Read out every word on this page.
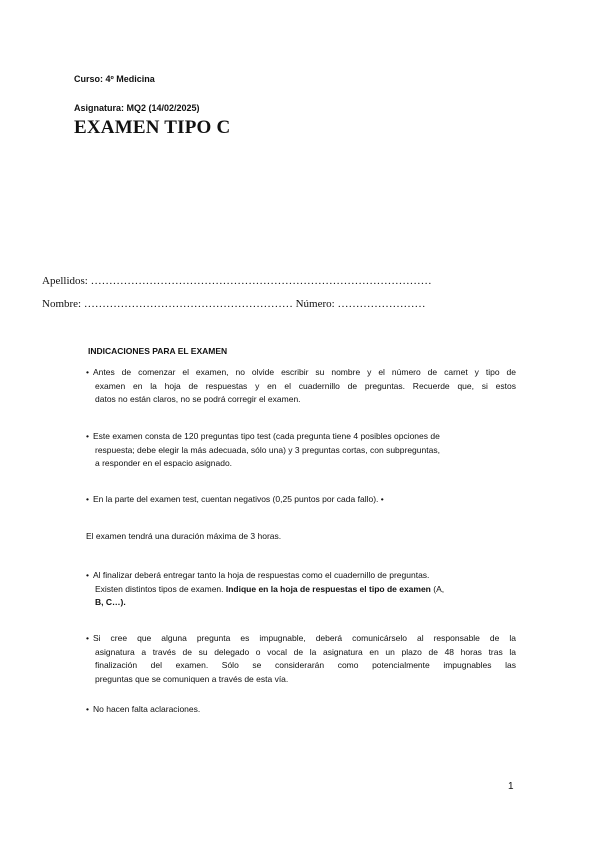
Curso: 4º Medicina
Asignatura: MQ2 (14/02/2025)
EXAMEN TIPO C
Apellidos: …………………………………………………………………………………
Nombre: ………………………………………………… Número: ……………………
INDICACIONES PARA EL EXAMEN
• Antes de comenzar el examen, no olvide escribir su nombre y el número de carnet y tipo de
examen en la hoja de respuestas y en el cuadernillo de preguntas. Recuerde que, si estos
datos no están claros, no se podrá corregir el examen.
• Este examen consta de 120 preguntas tipo test (cada pregunta tiene 4 posibles opciones de
respuesta; debe elegir la más adecuada, sólo una) y 3 preguntas cortas, con subpreguntas,
a responder en el espacio asignado.
• En la parte del examen test, cuentan negativos (0,25 puntos por cada fallo). •
El examen tendrá una duración máxima de 3 horas.
• Al finalizar deberá entregar tanto la hoja de respuestas como el cuadernillo de preguntas.
Existen distintos tipos de examen. Indique en la hoja de respuestas el tipo de examen (A,
B, C…).
• Si cree que alguna pregunta es impugnable, deberá comunicárselo al responsable de la
asignatura a través de su delegado o vocal de la asignatura en un plazo de 48 horas tras la
finalización del examen. Sólo se considerarán como potencialmente impugnables las
preguntas que se comuniquen a través de esta vía.
• No hacen falta aclaraciones.
1
